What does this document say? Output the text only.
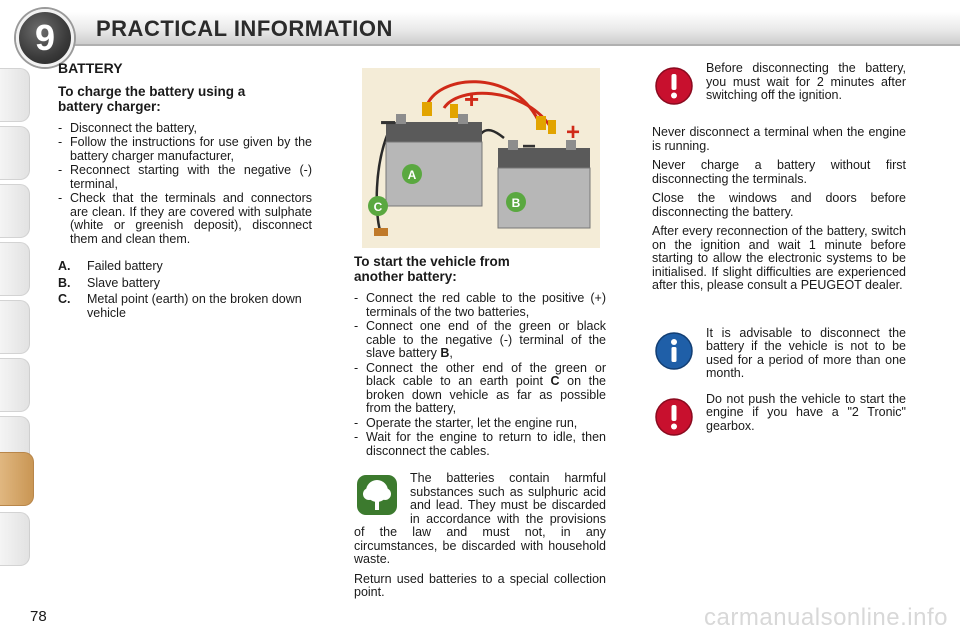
9	PRACTICAL INFORMATION
BATTERY
To charge the battery using a
battery charger:
- Disconnect the battery,
- Follow the instructions for use given by the battery charger manufacturer,
- Reconnect starting with the negative (-) terminal,
- Check that the terminals and connectors are clean. If they are covered with sulphate (white or greenish deposit), disconnect them and clean them.
A.	Failed battery
B.	Slave battery
C.	Metal point (earth) on the broken down vehicle
+
+
−
−
A
B
C
To start the vehicle from
another battery:
- Connect the red cable to the positive (+) terminals of the two batteries,
- Connect one end of the green or black cable to the negative (-) terminal of the slave battery B,
- Connect the other end of the green or black cable to an earth point C on the broken down vehicle as far as possible from the battery,
- Operate the starter, let the engine run,
- Wait for the engine to return to idle, then disconnect the cables.

The batteries contain harmful substances such as sulphuric acid and lead. They must be discarded in accordance with the provisions of the law and must not, in any circumstances, be discarded with household waste.

Return used batteries to a special collection point.

Before disconnecting the battery, you must wait for 2 minutes after switching off the ignition.

Never disconnect a terminal when the engine is running.

Never charge a battery without first disconnecting the terminals.

Close the windows and doors before disconnecting the battery.

After every reconnection of the battery, switch on the ignition and wait 1 minute before starting to allow the electronic systems to be initialised. If slight difficulties are experienced after this, please consult a PEUGEOT dealer.

It is advisable to disconnect the battery if the vehicle is not to be used for a period of more than one month.
Do not push the vehicle to start the engine if you have a "2 Tronic" gearbox.
78	carmanualsonline.info
